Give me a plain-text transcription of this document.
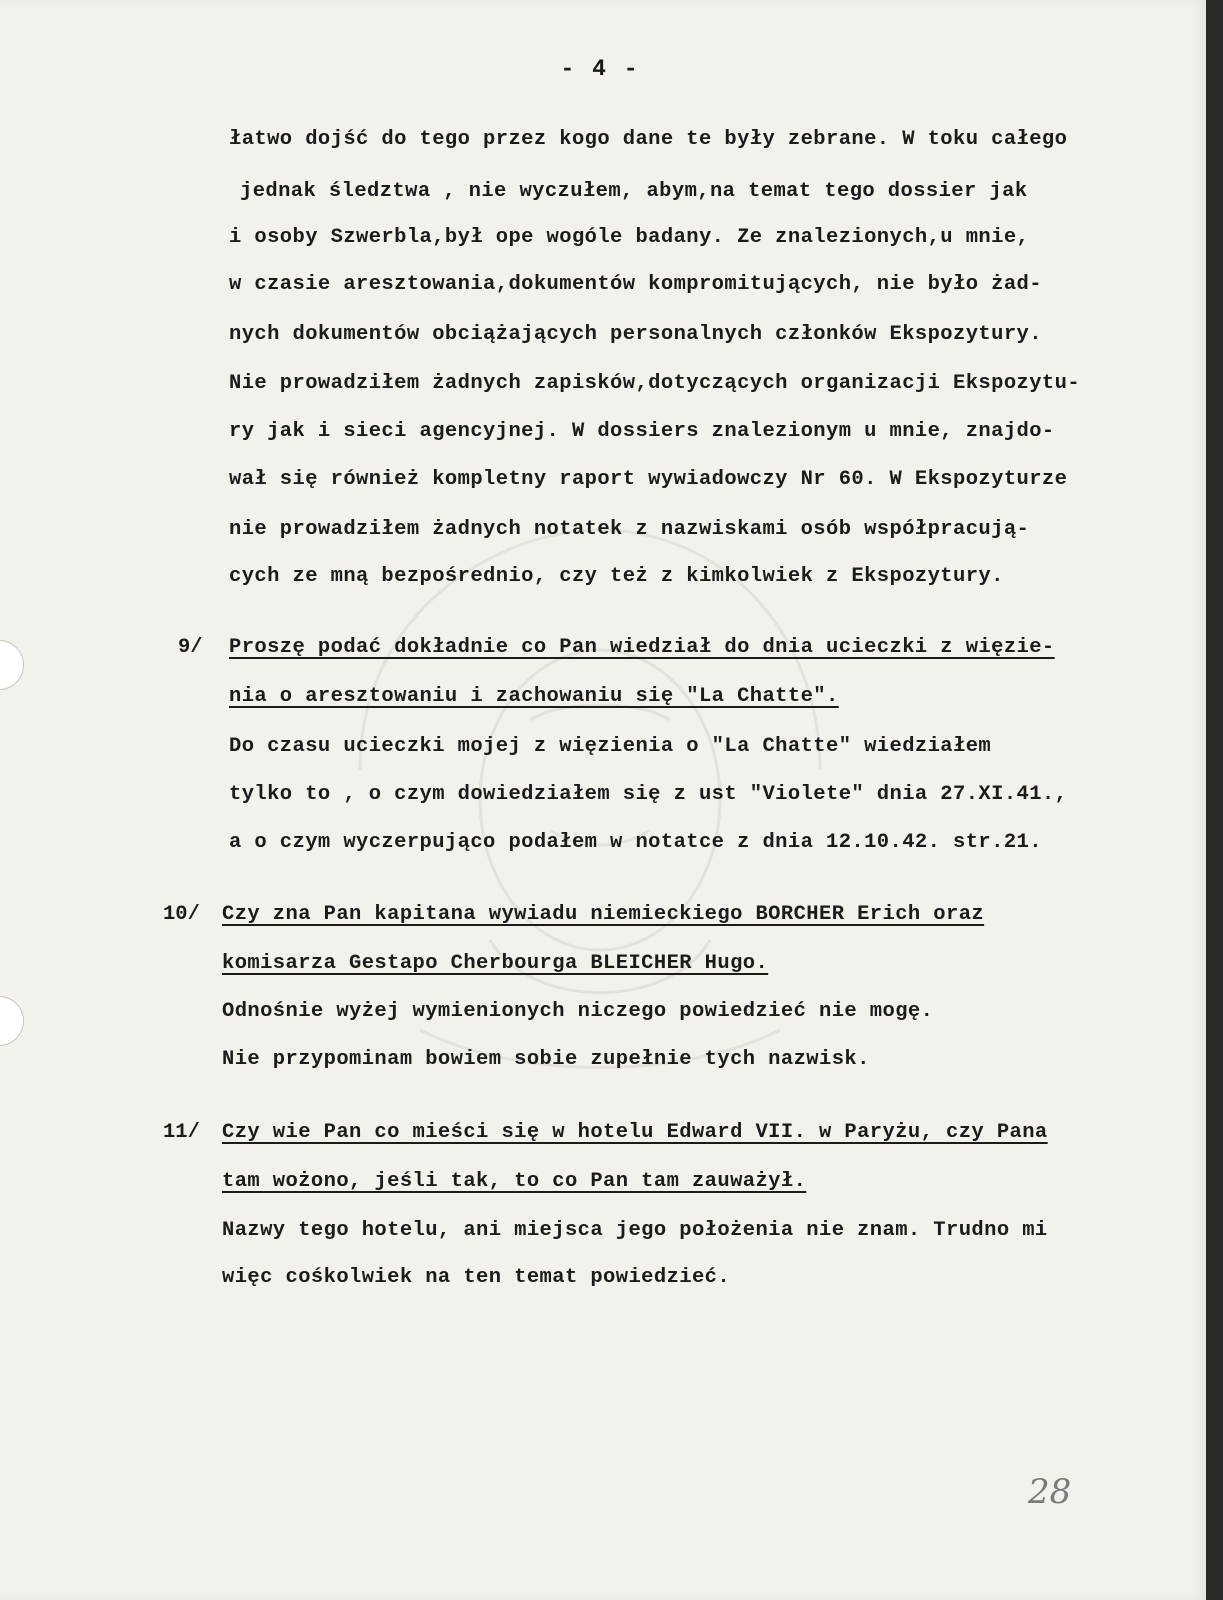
- 4 -

łatwo dojść do tego przez kogo dane te były zebrane. W toku całego

jednak śledztwa , nie wyczułem, abym,na temat tego dossier jak

i osoby Szwerbla,był ope wogóle badany. Ze znalezionych,u mnie,

w czasie aresztowania,dokumentów kompromitujących, nie było żad-

nych dokumentów obciążających personalnych członków Ekspozytury.

Nie prowadziłem żadnych zapisków,dotyczących organizacji Ekspozytu-

ry jak i sieci agencyjnej. W dossiers znalezionym u mnie, znajdo-

wał się również kompletny raport wywiadowczy Nr 60. W Ekspozyturze

nie prowadziłem żadnych notatek z nazwiskami osób współpracują-

cych ze mną bezpośrednio, czy też z kimkolwiek z Ekspozytury.

9/ Proszę podać dokładnie co Pan wiedział do dnia ucieczki z więzie-

nia o aresztowaniu i zachowaniu się "La Chatte".

Do czasu ucieczki mojej z więzienia o "La Chatte" wiedziałem

tylko to , o czym dowiedziałem się z ust "Violete" dnia 27.XI.41.,

a o czym wyczerpująco podałem w notatce z dnia 12.10.42. str.21.

10/ Czy zna Pan kapitana wywiadu niemieckiego BORCHER Erich oraz

komisarza Gestapo Cherbourga BLEICHER Hugo.

Odnośnie wyżej wymienionych niczego powiedzieć nie mogę.

Nie przypominam bowiem sobie zupełnie tych nazwisk.

11/ Czy wie Pan co mieści się w hotelu Edward VII. w Paryżu, czy Pana

tam wożono, jeśli tak, to co Pan tam zauważył.

Nazwy tego hotelu, ani miejsca jego położenia nie znam. Trudno mi

więc cośkolwiek na ten temat powiedzieć.

28
